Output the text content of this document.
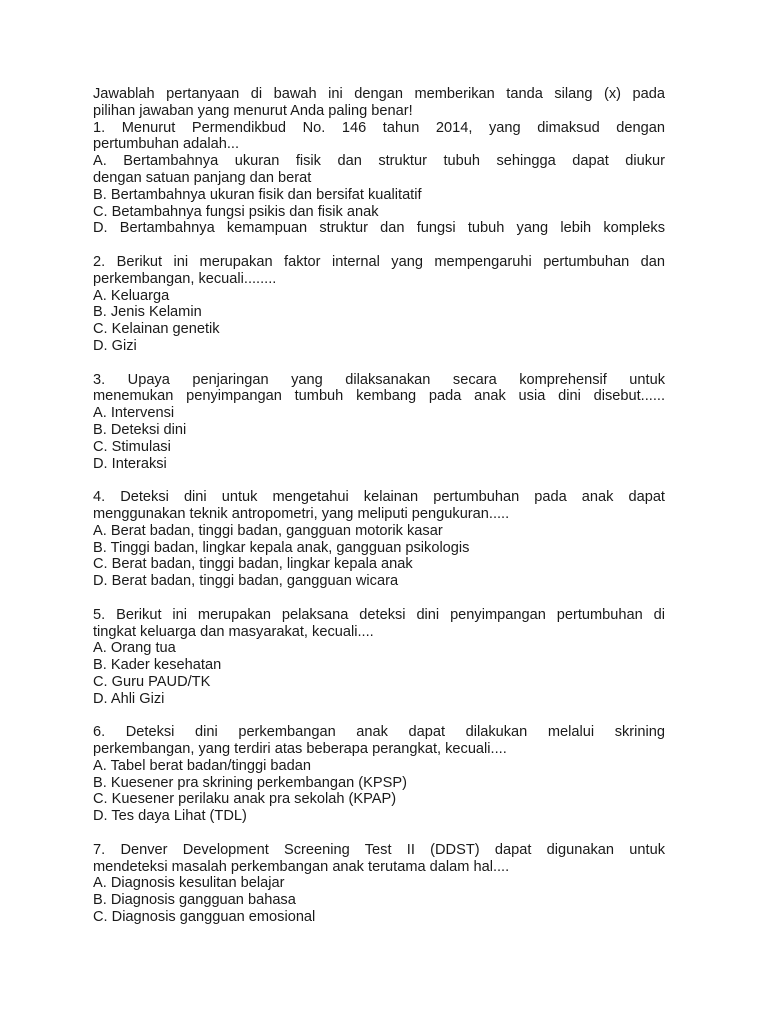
Jawablah pertanyaan di bawah ini dengan memberikan tanda silang (x) pada
pilihan jawaban yang menurut Anda paling benar!
1. Menurut Permendikbud No. 146 tahun 2014, yang dimaksud dengan
pertumbuhan adalah...
A. Bertambahnya ukuran fisik dan struktur tubuh sehingga dapat diukur
dengan satuan panjang dan berat
B. Bertambahnya ukuran fisik dan bersifat kualitatif
C. Betambahnya fungsi psikis dan fisik anak
D. Bertambahnya kemampuan struktur dan fungsi tubuh yang lebih kompleks
2. Berikut ini merupakan faktor internal yang mempengaruhi pertumbuhan dan
perkembangan, kecuali........
A. Keluarga
B. Jenis Kelamin
C. Kelainan genetik
D. Gizi
3. Upaya penjaringan yang dilaksanakan secara komprehensif untuk
menemukan penyimpangan tumbuh kembang pada anak usia dini disebut......
A. Intervensi
B. Deteksi dini
C. Stimulasi
D. Interaksi
4. Deteksi dini untuk mengetahui kelainan pertumbuhan pada anak dapat
menggunakan teknik antropometri, yang meliputi pengukuran.....
A. Berat badan, tinggi badan, gangguan motorik kasar
B. Tinggi badan, lingkar kepala anak, gangguan psikologis
C. Berat badan, tinggi badan, lingkar kepala anak
D. Berat badan, tinggi badan, gangguan wicara
5. Berikut ini merupakan pelaksana deteksi dini penyimpangan pertumbuhan di
tingkat keluarga dan masyarakat, kecuali....
A. Orang tua
B. Kader kesehatan
C. Guru PAUD/TK
D. Ahli Gizi
6. Deteksi dini perkembangan anak dapat dilakukan melalui skrining
perkembangan, yang terdiri atas beberapa perangkat, kecuali....
A. Tabel berat badan/tinggi badan
B. Kuesener pra skrining perkembangan (KPSP)
C. Kuesener perilaku anak pra sekolah (KPAP)
D. Tes daya Lihat (TDL)
7. Denver Development Screening Test II (DDST) dapat digunakan untuk
mendeteksi masalah perkembangan anak terutama dalam hal....
A. Diagnosis kesulitan belajar
B. Diagnosis gangguan bahasa
C. Diagnosis gangguan emosional
